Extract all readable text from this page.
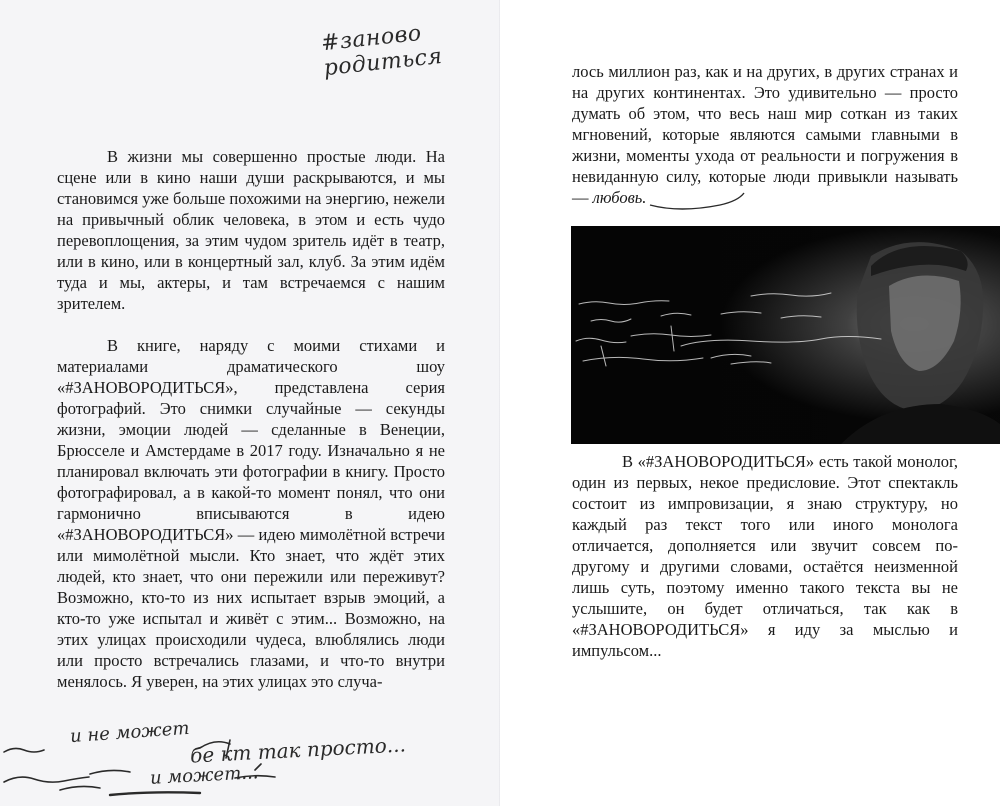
#заново родиться

В жизни мы совершенно простые люди. На сцене или в кино наши души раскрываются, и мы становимся уже больше похожими на энергию, нежели на привычный облик человека, в этом и есть чудо перевоплощения, за этим чудом зритель идёт в театр, или в кино, или в концертный зал, клуб. За этим идём туда и мы, актеры, и там встречаемся с нашим зрителем.

В книге, наряду с моими стихами и материалами драматического шоу «#ЗАНОВОРОДИТЬСЯ», представлена серия фотографий. Это снимки случайные — секунды жизни, эмоции людей — сделанные в Венеции, Брюсселе и Амстердаме в 2017 году. Изначально я не планировал включать эти фотографии в книгу. Просто фотографировал, а в какой-то момент понял, что они гармонично вписываются в идею «#ЗАНОВОРОДИТЬСЯ» — идею мимолётной встречи или мимолётной мысли. Кто знает, что ждёт этих людей, кто знает, что они пережили или переживут? Возможно, кто-то из них испытает взрыв эмоций, а кто-то уже испытал и живёт с этим... Возможно, на этих улицах происходили чудеса, влюблялись люди или просто встречались глазами, и что-то внутри менялось. Я уверен, на этих улицах это случа-

и не может бе кт так просто...
и может...

лось миллион раз, как и на других, в других странах и на других континентах. Это удивительно — просто думать об этом, что весь наш мир соткан из таких мгновений, которые являются самыми главными в жизни, моменты ухода от реальности и погружения в невиданную силу, которые люди привыкли называть — любовь.

В «#ЗАНОВОРОДИТЬСЯ» есть такой монолог, один из первых, некое предисловие. Этот спектакль состоит из импровизации, я знаю структуру, но каждый раз текст того или иного монолога отличается, дополняется или звучит совсем по-другому и другими словами, остаётся неизменной лишь суть, поэтому именно такого текста вы не услышите, он будет отличаться, так как в «#ЗАНОВОРОДИТЬСЯ» я иду за мыслью и импульсом...
